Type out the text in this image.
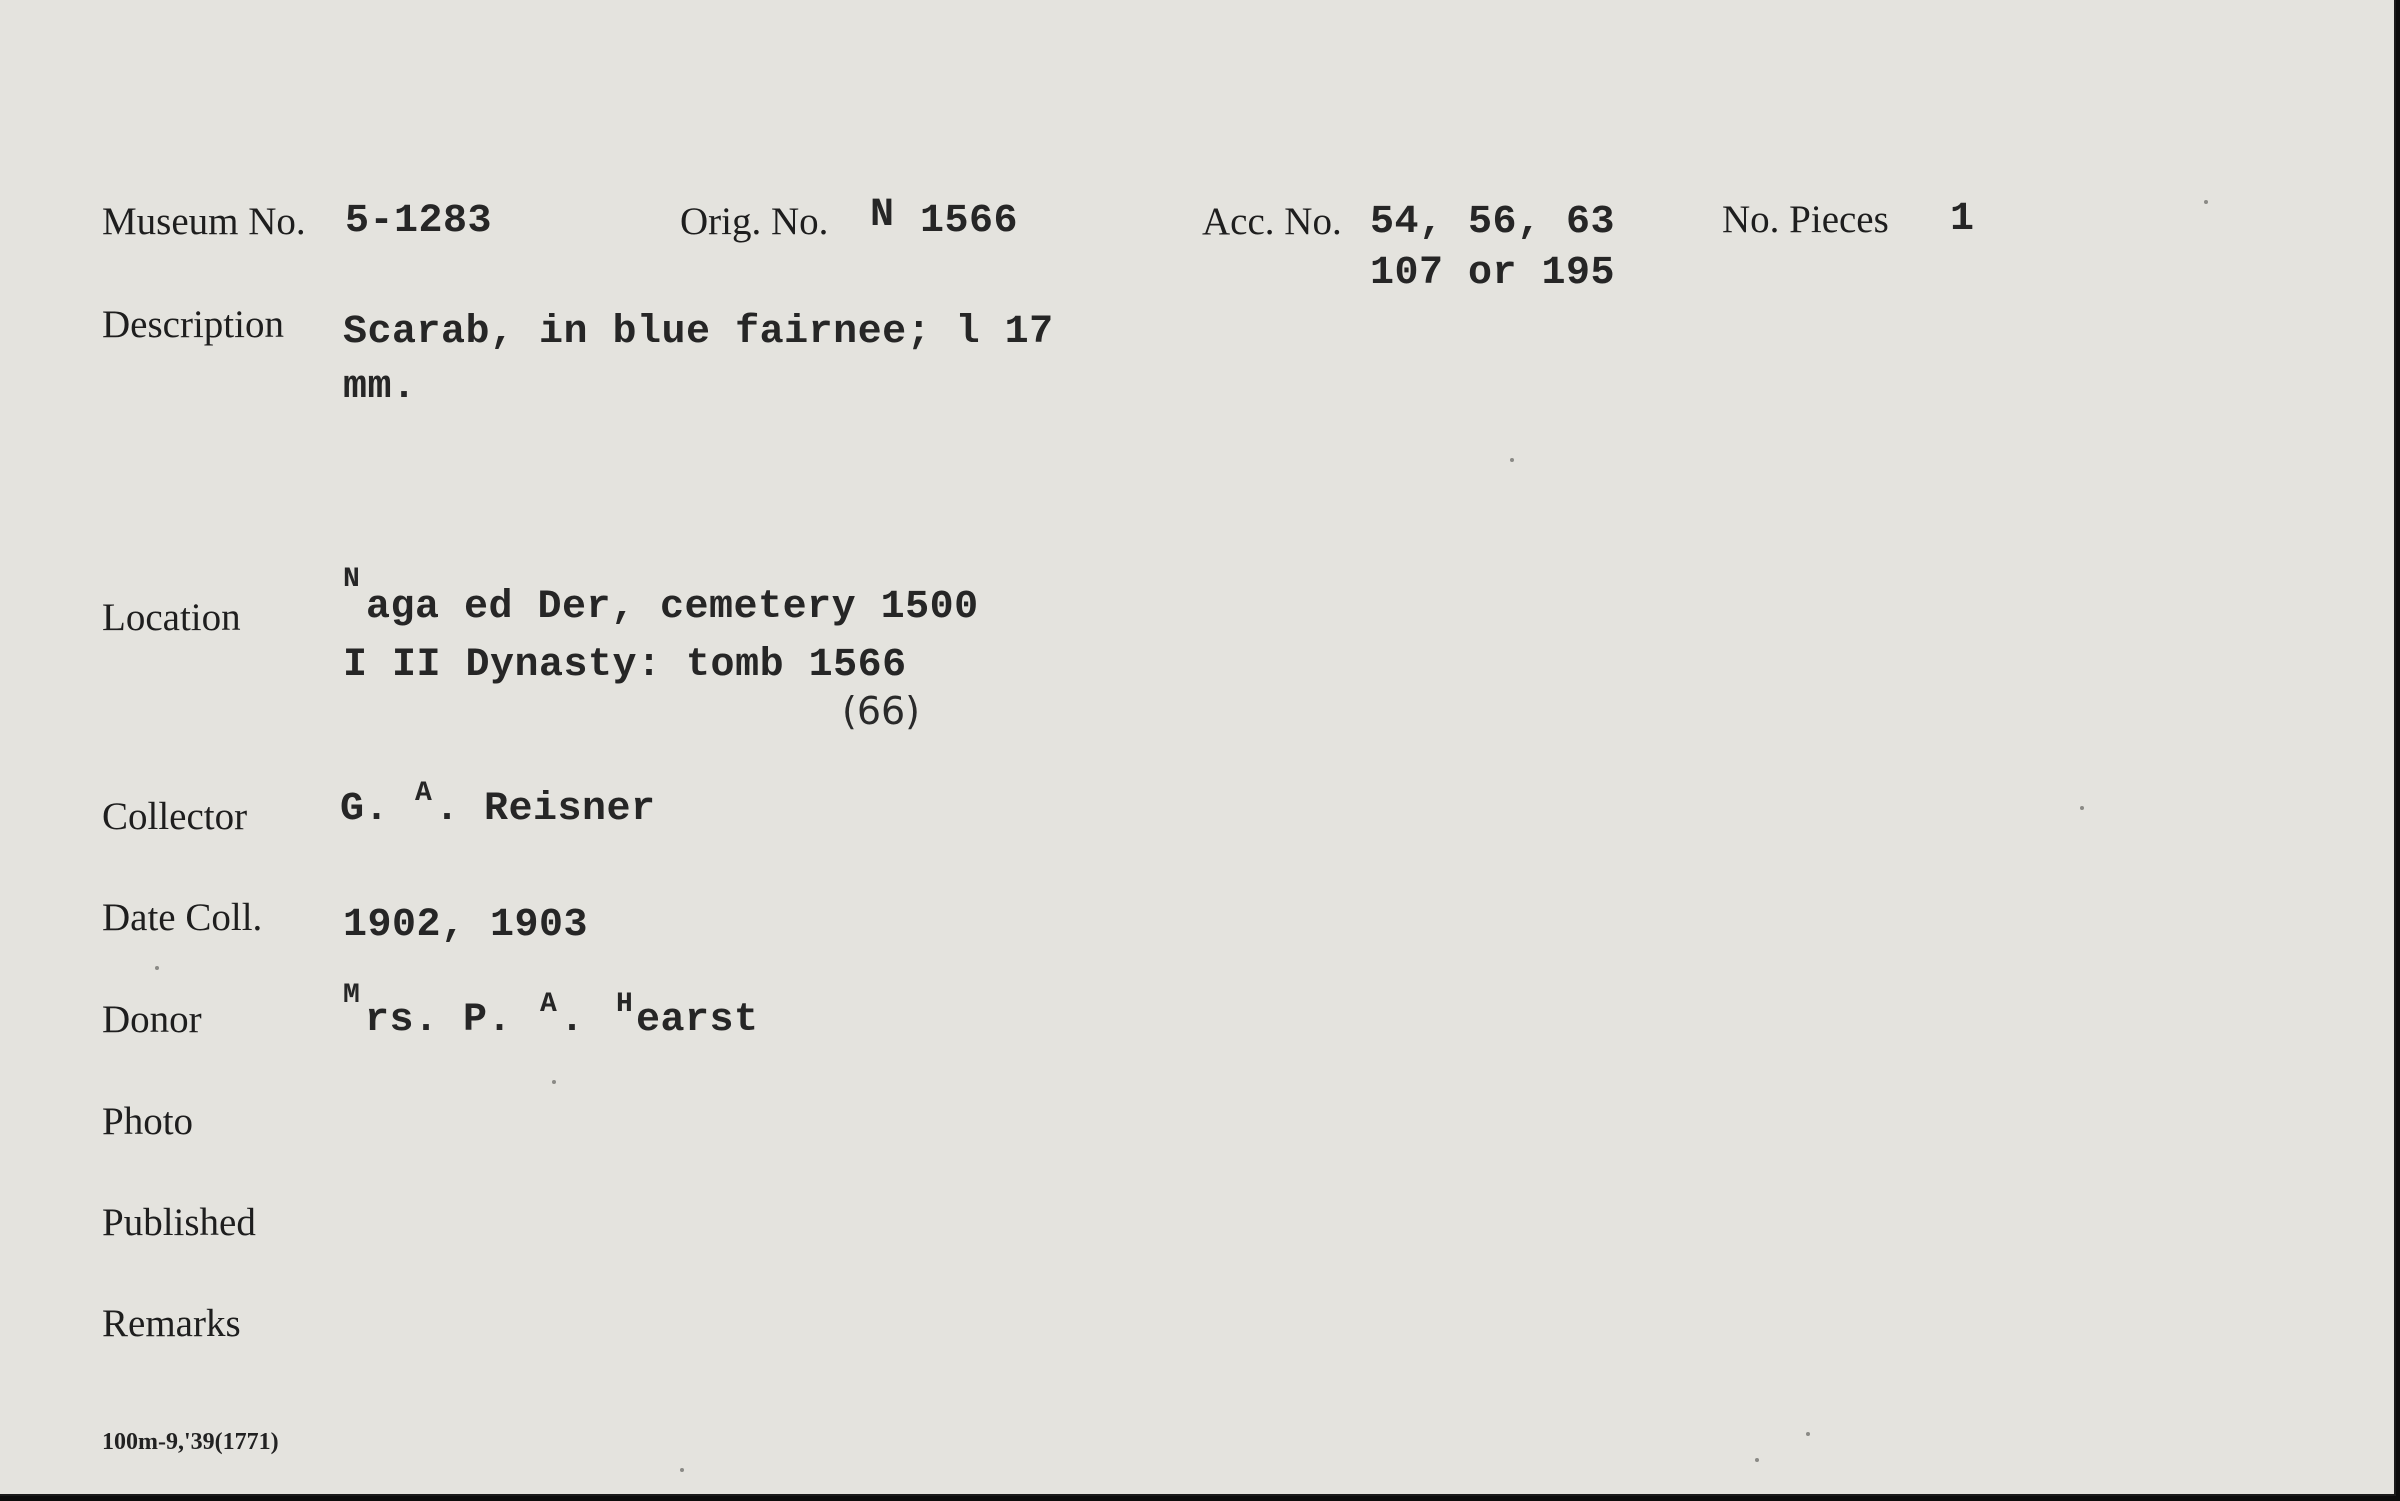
Museum No. 5-1283	Orig. No. N 1566	Acc. No. 54, 56, 63
107 or 195
No. Pieces 1
Description Scarab, in blue fairnee; l 17
mm.
Location
N
aga ed Der, cemetery 1500
I II Dynasty: tomb 1566
(66)
Collector G. A . Reisner
Date Coll. 1902, 1903
Donor
M
rs. P. A . H earst
Photo
Published
Remarks
100m-9,'39(1771)
